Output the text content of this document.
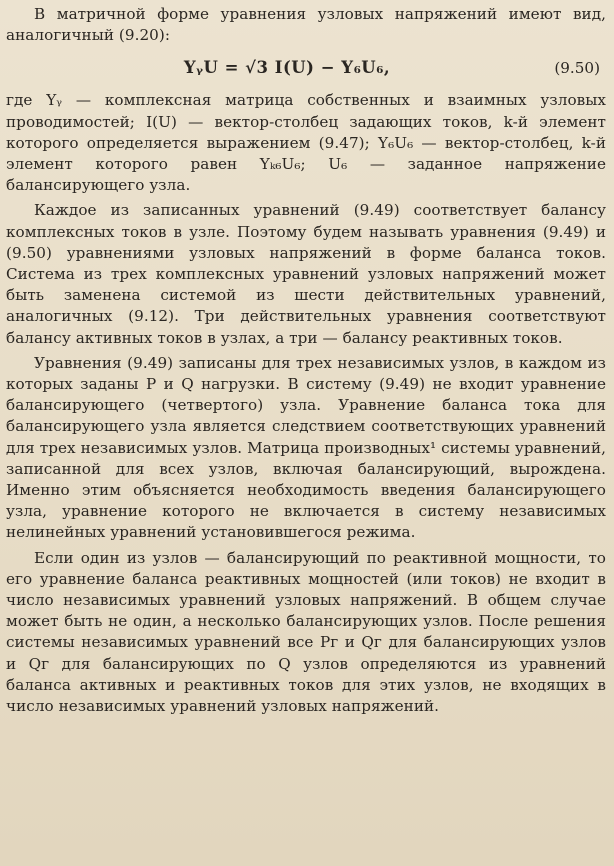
В матричной форме уравнения узловых напряжений имеют вид, аналогичный (9.20):

YᵧU = √3 I(U) − Y₆U₆,	(9.50)

где Yᵧ — комплексная матрица собственных и взаимных узловых проводимостей; I(U) — вектор-столбец задающих токов, k-й элемент которого определяется выражением (9.47); Y₆U₆ — вектор-столбец, k-й элемент которого равен Yₖ₆U₆; U₆ — заданное напряжение балансирующего узла.

Каждое из записанных уравнений (9.49) соответствует балансу комплексных токов в узле. Поэтому будем называть уравнения (9.49) и (9.50) уравнениями узловых напряжений в форме баланса токов. Система из трех комплексных уравнений узловых напряжений может быть заменена системой из шести действительных уравнений, аналогичных (9.12). Три действительных уравнения соответствуют балансу активных токов в узлах, а три — балансу реактивных токов.

Уравнения (9.49) записаны для трех независимых узлов, в каждом из которых заданы P и Q нагрузки. В систему (9.49) не входит уравнение балансирующего (четвертого) узла. Уравнение баланса тока для балансирующего узла является следствием соответствующих уравнений для трех независимых узлов. Матрица производных¹ системы уравнений, записанной для всех узлов, включая балансирующий, вырождена. Именно этим объясняется необходимость введения балансирующего узла, уравнение которого не включается в систему независимых нелинейных уравнений установившегося режима.

Если один из узлов — балансирующий по реактивной мощности, то его уравнение баланса реактивных мощностей (или токов) не входит в число независимых уравнений узловых напряжений. В общем случае может быть не один, а несколько балансирующих узлов. После решения системы независимых уравнений все Pг и Qг для балансирующих узлов и Qг для балансирующих по Q узлов определяются из уравнений баланса активных и реактивных токов для этих узлов, не входящих в число независимых уравнений узловых напряжений.
